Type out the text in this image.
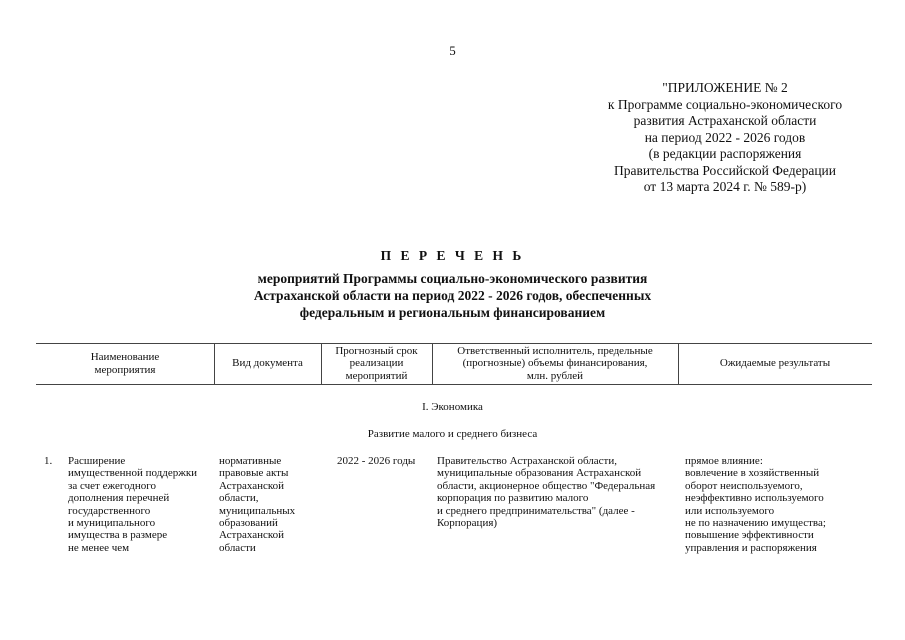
5
"ПРИЛОЖЕНИЕ № 2
к Программе социально-экономического
развития Астраханской области
на период 2022 - 2026 годов
(в редакции распоряжения
Правительства Российской Федерации
от 13 марта 2024 г. № 589-р)
П Е Р Е Ч Е Н Ь
мероприятий Программы социально-экономического развития
Астраханской области на период 2022 - 2026 годов, обеспеченных
федеральным и региональным финансированием
Наименование
мероприятия
Вид документа
Прогнозный срок
реализации
мероприятий
Ответственный исполнитель, предельные
(прогнозные) объемы финансирования,
млн. рублей
Ожидаемые результаты
I. Экономика
Развитие малого и среднего бизнеса
1. Расширение
имущественной поддержки
за счет ежегодного
дополнения перечней
государственного
и муниципального
имущества в размере
не менее чем
нормативные
правовые акты
Астраханской
области,
муниципальных
образований
Астраханской
области
2022 - 2026 годы Правительство Астраханской области,
муниципальные образования Астраханской
области, акционерное общество "Федеральная
корпорация по развитию малого
и среднего предпринимательства" (далее -
Корпорация)
прямое влияние:
вовлечение в хозяйственный
оборот неиспользуемого,
неэффективно используемого
или используемого
не по назначению имущества;
повышение эффективности
управления и распоряжения
